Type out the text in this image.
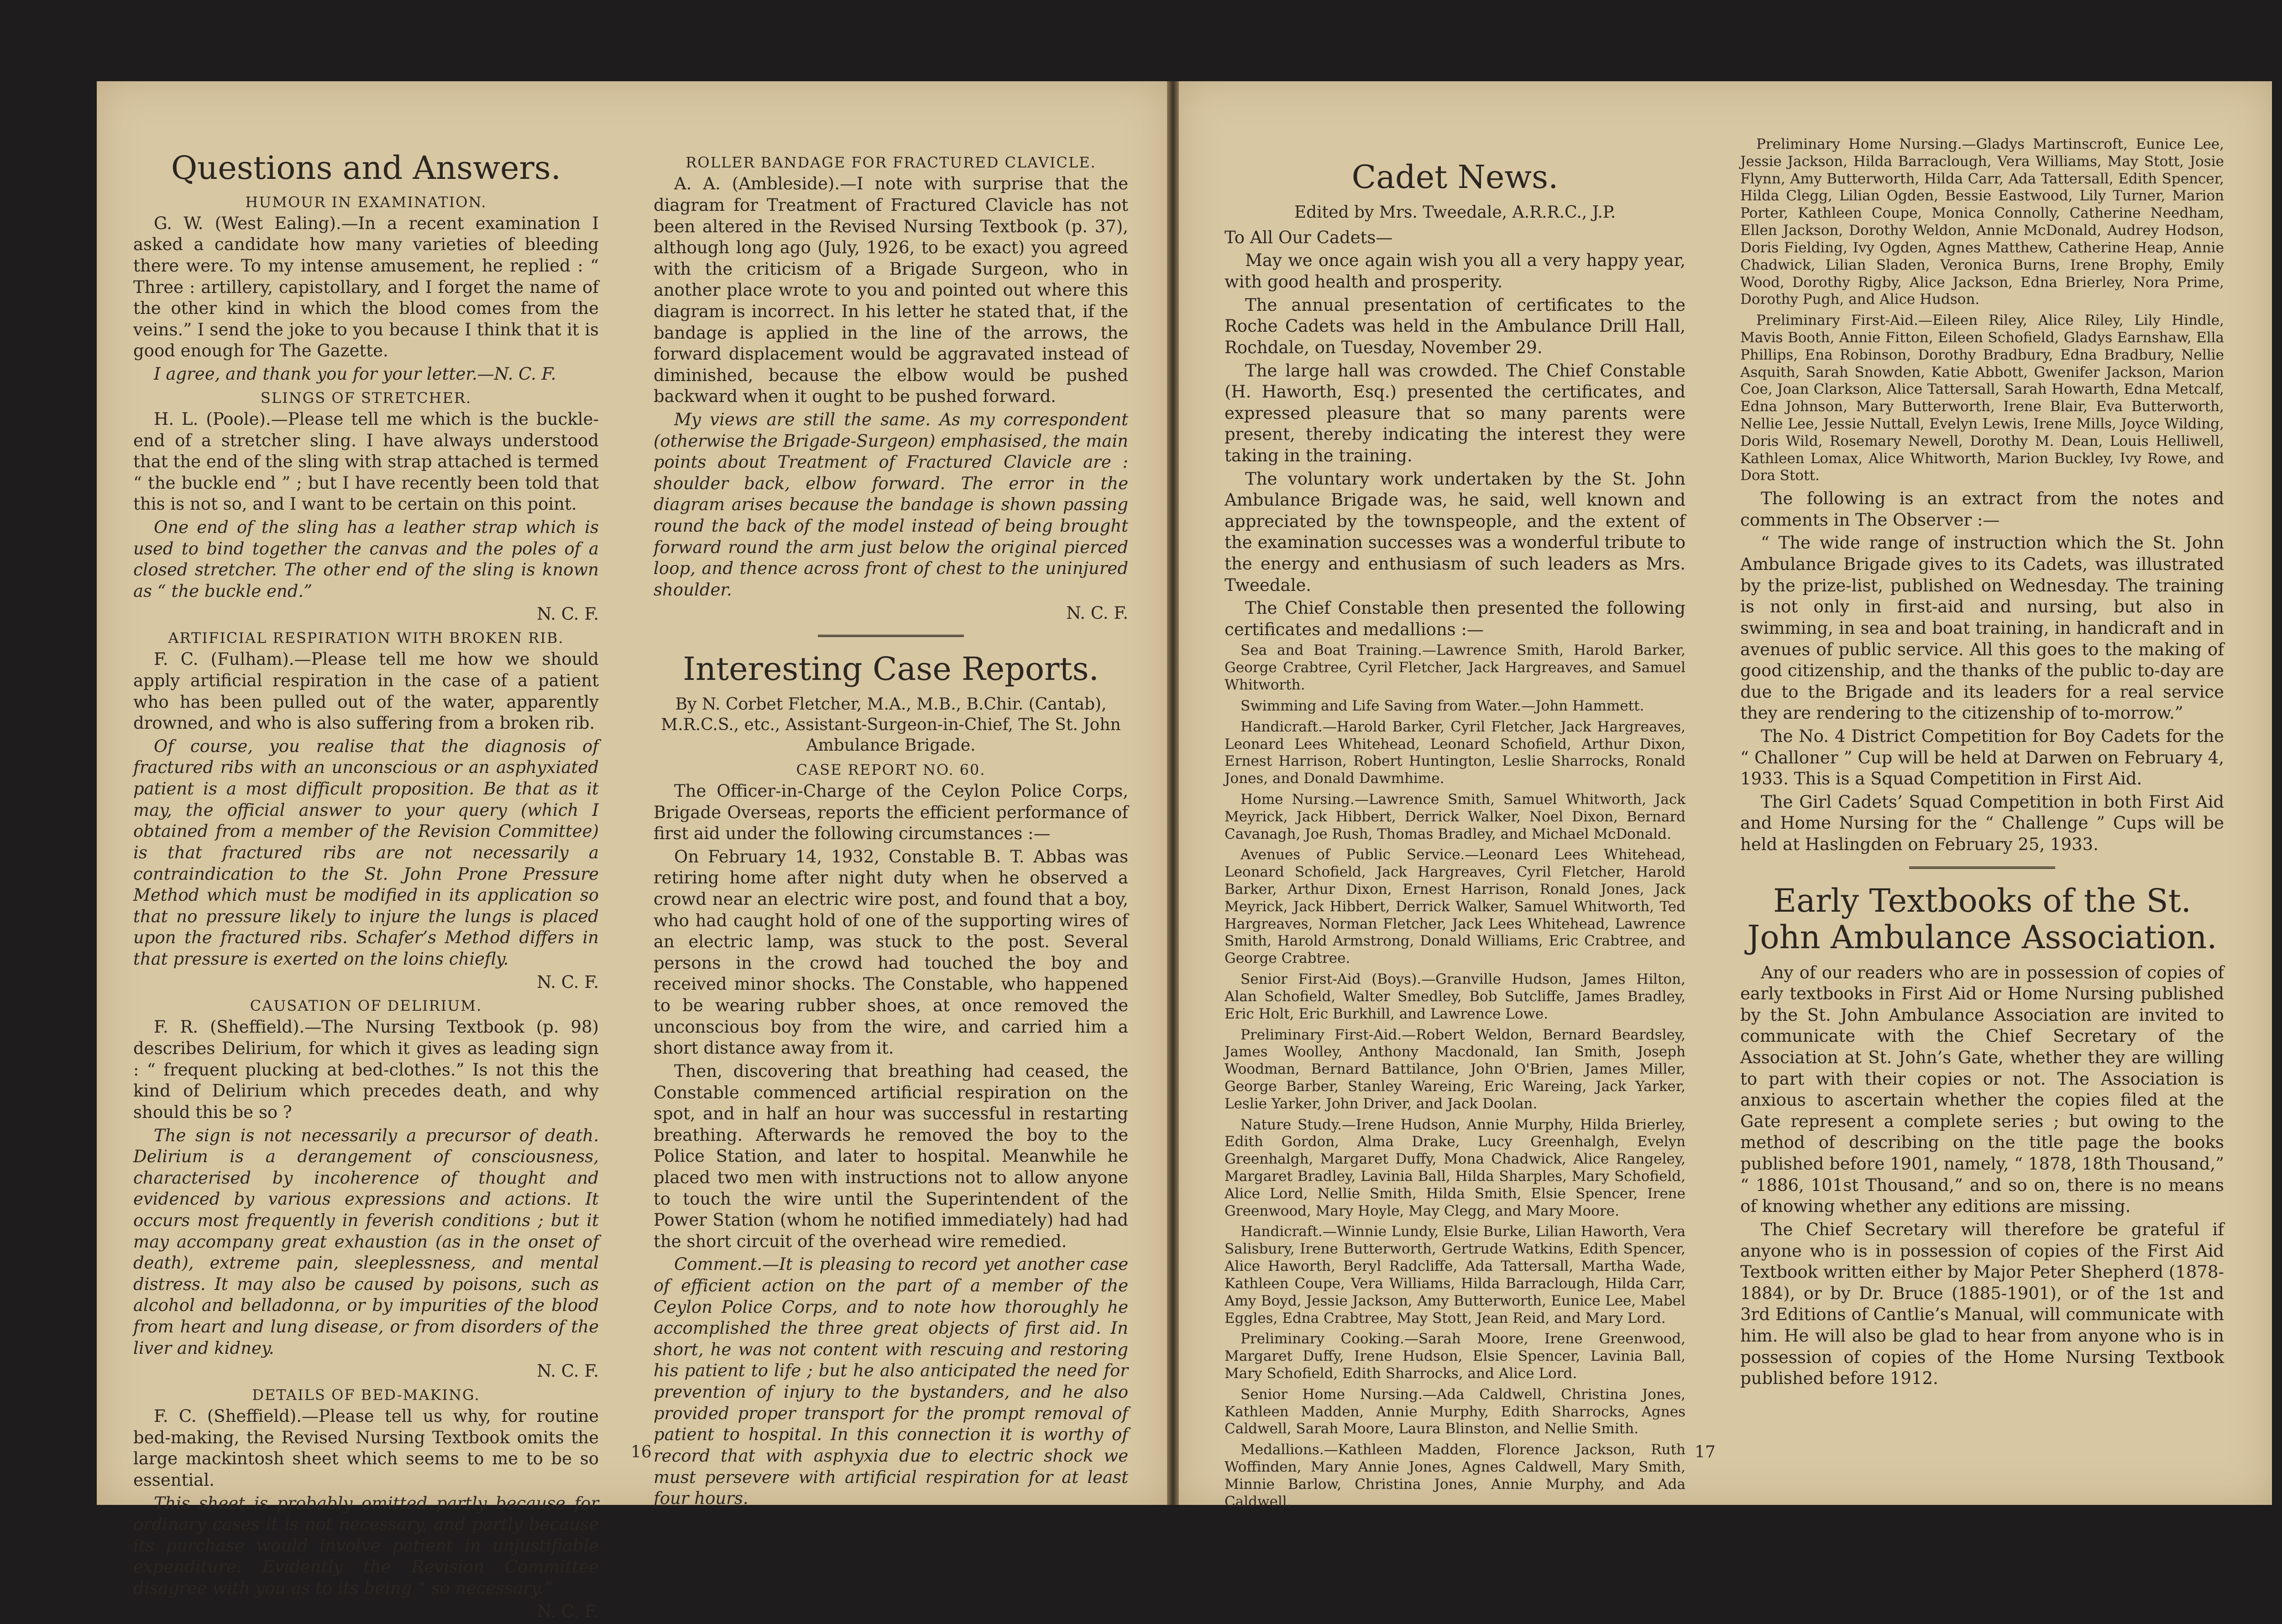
Questions and Answers.
HUMOUR IN EXAMINATION.

G. W. (West Ealing).—In a recent examination I asked a candidate how many varieties of bleeding there were. To my intense amusement, he replied : “ Three : artillery, capistollary, and I forget the name of the other kind in which the blood comes from the veins.” I send the joke to you because I think that it is good enough for The Gazette.

I agree, and thank you for your letter.—N. C. F.

SLINGS OF STRETCHER.

H. L. (Poole).—Please tell me which is the buckle-end of a stretcher sling. I have always understood that the end of the sling with strap attached is termed “ the buckle end ” ; but I have recently been told that this is not so, and I want to be certain on this point.

One end of the sling has a leather strap which is used to bind together the canvas and the poles of a closed stretcher. The other end of the sling is known as “ the buckle end.”

N. C. F.
ARTIFICIAL RESPIRATION WITH BROKEN RIB.

F. C. (Fulham).—Please tell me how we should apply artificial respiration in the case of a patient who has been pulled out of the water, apparently drowned, and who is also suffering from a broken rib.

Of course, you realise that the diagnosis of fractured ribs with an unconscious or an asphyxiated patient is a most difficult proposition. Be that as it may, the official answer to your query (which I obtained from a member of the Revision Committee) is that fractured ribs are not necessarily a contraindication to the St. John Prone Pressure Method which must be modified in its application so that no pressure likely to injure the lungs is placed upon the fractured ribs. Schafer’s Method differs in that pressure is exerted on the loins chiefly.

N. C. F.
CAUSATION OF DELIRIUM.

F. R. (Sheffield).—The Nursing Textbook (p. 98) describes Delirium, for which it gives as leading sign : “ frequent plucking at bed-clothes.” Is not this the kind of Delirium which precedes death, and why should this be so ?

The sign is not necessarily a precursor of death. Delirium is a derangement of consciousness, characterised by incoherence of thought and evidenced by various expressions and actions. It occurs most frequently in feverish conditions ; but it may accompany great exhaustion (as in the onset of death), extreme pain, sleeplessness, and mental distress. It may also be caused by poisons, such as alcohol and belladonna, or by impurities of the blood from heart and lung disease, or from disorders of the liver and kidney.

N. C. F.
DETAILS OF BED-MAKING.

F. C. (Sheffield).—Please tell us why, for routine bed-making, the Revised Nursing Textbook omits the large mackintosh sheet which seems to me to be so essential.

This sheet is probably omitted partly because for ordinary cases it is not necessary, and partly because its purchase would involve patient in unjustifiable expenditure. Evidently the Revision Committee disagree with you as to its being “ so necessary.”

N. C. F.
ROLLER BANDAGE FOR FRACTURED CLAVICLE.

A. A. (Ambleside).—I note with surprise that the diagram for Treatment of Fractured Clavicle has not been altered in the Revised Nursing Textbook (p. 37), although long ago (July, 1926, to be exact) you agreed with the criticism of a Brigade Surgeon, who in another place wrote to you and pointed out where this diagram is incorrect. In his letter he stated that, if the bandage is applied in the line of the arrows, the forward displacement would be aggravated instead of diminished, because the elbow would be pushed backward when it ought to be pushed forward.

My views are still the same. As my correspondent (otherwise the Brigade-Surgeon) emphasised, the main points about Treatment of Fractured Clavicle are : shoulder back, elbow forward. The error in the diagram arises because the bandage is shown passing round the back of the model instead of being brought forward round the arm just below the original pierced loop, and thence across front of chest to the uninjured shoulder.

N. C. F.
Interesting Case Reports.
By N. Corbet Fletcher, M.A., M.B., B.Chir. (Cantab), M.R.C.S., etc., Assistant-Surgeon-in-Chief, The St. John Ambulance Brigade.
CASE REPORT NO. 60.

The Officer-in-Charge of the Ceylon Police Corps, Brigade Overseas, reports the efficient performance of first aid under the following circumstances :—

On February 14, 1932, Constable B. T. Abbas was retiring home after night duty when he observed a crowd near an electric wire post, and found that a boy, who had caught hold of one of the supporting wires of an electric lamp, was stuck to the post. Several persons in the crowd had touched the boy and received minor shocks. The Constable, who happened to be wearing rubber shoes, at once removed the unconscious boy from the wire, and carried him a short distance away from it.

Then, discovering that breathing had ceased, the Constable commenced artificial respiration on the spot, and in half an hour was successful in restarting breathing. Afterwards he removed the boy to the Police Station, and later to hospital. Meanwhile he placed two men with instructions not to allow anyone to touch the wire until the Superintendent of the Power Station (whom he notified immediately) had had the short circuit of the overhead wire remedied.

Comment.—It is pleasing to record yet another case of efficient action on the part of a member of the Ceylon Police Corps, and to note how thoroughly he accomplished the three great objects of first aid. In short, he was not content with rescuing and restoring his patient to life ; but he also anticipated the need for prevention of injury to the bystanders, and he also provided proper transport for the prompt removal of patient to hospital. In this connection it is worthy of record that with asphyxia due to electric shock we must persevere with artificial respiration for at least four hours.

16
Cadet News.
Edited by Mrs. Tweedale, A.R.R.C., J.P.

To All Our Cadets—

May we once again wish you all a very happy year, with good health and prosperity.

The annual presentation of certificates to the Roche Cadets was held in the Ambulance Drill Hall, Rochdale, on Tuesday, November 29.

The large hall was crowded. The Chief Constable (H. Haworth, Esq.) presented the certificates, and expressed pleasure that so many parents were present, thereby indicating the interest they were taking in the training.

The voluntary work undertaken by the St. John Ambulance Brigade was, he said, well known and appreciated by the townspeople, and the extent of the examination successes was a wonderful tribute to the energy and enthusiasm of such leaders as Mrs. Tweedale.

The Chief Constable then presented the following certificates and medallions :—

Sea and Boat Training.—Lawrence Smith, Harold Barker, George Crabtree, Cyril Fletcher, Jack Hargreaves, and Samuel Whitworth.

Swimming and Life Saving from Water.—John Hammett.

Handicraft.—Harold Barker, Cyril Fletcher, Jack Hargreaves, Leonard Lees Whitehead, Leonard Schofield, Arthur Dixon, Ernest Harrison, Robert Huntington, Leslie Sharrocks, Ronald Jones, and Donald Dawmhime.

Home Nursing.—Lawrence Smith, Samuel Whitworth, Jack Meyrick, Jack Hibbert, Derrick Walker, Noel Dixon, Bernard Cavanagh, Joe Rush, Thomas Bradley, and Michael McDonald.

Avenues of Public Service.—Leonard Lees Whitehead, Leonard Schofield, Jack Hargreaves, Cyril Fletcher, Harold Barker, Arthur Dixon, Ernest Harrison, Ronald Jones, Jack Meyrick, Jack Hibbert, Derrick Walker, Samuel Whitworth, Ted Hargreaves, Norman Fletcher, Jack Lees Whitehead, Lawrence Smith, Harold Armstrong, Donald Williams, Eric Crabtree, and George Crabtree.

Senior First-Aid (Boys).—Granville Hudson, James Hilton, Alan Schofield, Walter Smedley, Bob Sutcliffe, James Bradley, Eric Holt, Eric Burkhill, and Lawrence Lowe.

Preliminary First-Aid.—Robert Weldon, Bernard Beardsley, James Woolley, Anthony Macdonald, Ian Smith, Joseph Woodman, Bernard Battilance, John O'Brien, James Miller, George Barber, Stanley Wareing, Eric Wareing, Jack Yarker, Leslie Yarker, John Driver, and Jack Doolan.

Nature Study.—Irene Hudson, Annie Murphy, Hilda Brierley, Edith Gordon, Alma Drake, Lucy Greenhalgh, Evelyn Greenhalgh, Margaret Duffy, Mona Chadwick, Alice Rangeley, Margaret Bradley, Lavinia Ball, Hilda Sharples, Mary Schofield, Alice Lord, Nellie Smith, Hilda Smith, Elsie Spencer, Irene Greenwood, Mary Hoyle, May Clegg, and Mary Moore.

Handicraft.—Winnie Lundy, Elsie Burke, Lilian Haworth, Vera Salisbury, Irene Butterworth, Gertrude Watkins, Edith Spencer, Alice Haworth, Beryl Radcliffe, Ada Tattersall, Martha Wade, Kathleen Coupe, Vera Williams, Hilda Barraclough, Hilda Carr, Amy Boyd, Jessie Jackson, Amy Butterworth, Eunice Lee, Mabel Eggles, Edna Crabtree, May Stott, Jean Reid, and Mary Lord.

Preliminary Cooking.—Sarah Moore, Irene Greenwood, Margaret Duffy, Irene Hudson, Elsie Spencer, Lavinia Ball, Mary Schofield, Edith Sharrocks, and Alice Lord.

Senior Home Nursing.—Ada Caldwell, Christina Jones, Kathleen Madden, Annie Murphy, Edith Sharrocks, Agnes Caldwell, Sarah Moore, Laura Blinston, and Nellie Smith.

Medallions.—Kathleen Madden, Florence Jackson, Ruth Woffinden, Mary Annie Jones, Agnes Caldwell, Mary Smith, Minnie Barlow, Christina Jones, Annie Murphy, and Ada Caldwell.

Preliminary Home Nursing.—Gladys Martinscroft, Eunice Lee, Jessie Jackson, Hilda Barraclough, Vera Williams, May Stott, Josie Flynn, Amy Butterworth, Hilda Carr, Ada Tattersall, Edith Spencer, Hilda Clegg, Lilian Ogden, Bessie Eastwood, Lily Turner, Marion Porter, Kathleen Coupe, Monica Connolly, Catherine Needham, Ellen Jackson, Dorothy Weldon, Annie McDonald, Audrey Hodson, Doris Fielding, Ivy Ogden, Agnes Matthew, Catherine Heap, Annie Chadwick, Lilian Sladen, Veronica Burns, Irene Brophy, Emily Wood, Dorothy Rigby, Alice Jackson, Edna Brierley, Nora Prime, Dorothy Pugh, and Alice Hudson.

Preliminary First-Aid.—Eileen Riley, Alice Riley, Lily Hindle, Mavis Booth, Annie Fitton, Eileen Schofield, Gladys Earnshaw, Ella Phillips, Ena Robinson, Dorothy Bradbury, Edna Bradbury, Nellie Asquith, Sarah Snowden, Katie Abbott, Gwenifer Jackson, Marion Coe, Joan Clarkson, Alice Tattersall, Sarah Howarth, Edna Metcalf, Edna Johnson, Mary Butterworth, Irene Blair, Eva Butterworth, Nellie Lee, Jessie Nuttall, Evelyn Lewis, Irene Mills, Joyce Wilding, Doris Wild, Rosemary Newell, Dorothy M. Dean, Louis Helliwell, Kathleen Lomax, Alice Whitworth, Marion Buckley, Ivy Rowe, and Dora Stott.

The following is an extract from the notes and comments in The Observer :—

“ The wide range of instruction which the St. John Ambulance Brigade gives to its Cadets, was illustrated by the prize-list, published on Wednesday. The training is not only in first-aid and nursing, but also in swimming, in sea and boat training, in handicraft and in avenues of public service. All this goes to the making of good citizenship, and the thanks of the public to-day are due to the Brigade and its leaders for a real service they are rendering to the citizenship of to-morrow.”

The No. 4 District Competition for Boy Cadets for the “ Challoner ” Cup will be held at Darwen on February 4, 1933. This is a Squad Competition in First Aid.

The Girl Cadets’ Squad Competition in both First Aid and Home Nursing for the “ Challenge ” Cups will be held at Haslingden on February 25, 1933.

Early Textbooks of the St. John Ambulance Association.

Any of our readers who are in possession of copies of early textbooks in First Aid or Home Nursing published by the St. John Ambulance Association are invited to communicate with the Chief Secretary of the Association at St. John’s Gate, whether they are willing to part with their copies or not. The Association is anxious to ascertain whether the copies filed at the Gate represent a complete series ; but owing to the method of describing on the title page the books published before 1901, namely, “ 1878, 18th Thousand,” “ 1886, 101st Thousand,” and so on, there is no means of knowing whether any editions are missing.

The Chief Secretary will therefore be grateful if anyone who is in possession of copies of the First Aid Textbook written either by Major Peter Shepherd (1878-1884), or by Dr. Bruce (1885-1901), or of the 1st and 3rd Editions of Cantlie’s Manual, will communicate with him. He will also be glad to hear from anyone who is in possession of copies of the Home Nursing Textbook published before 1912.

17
